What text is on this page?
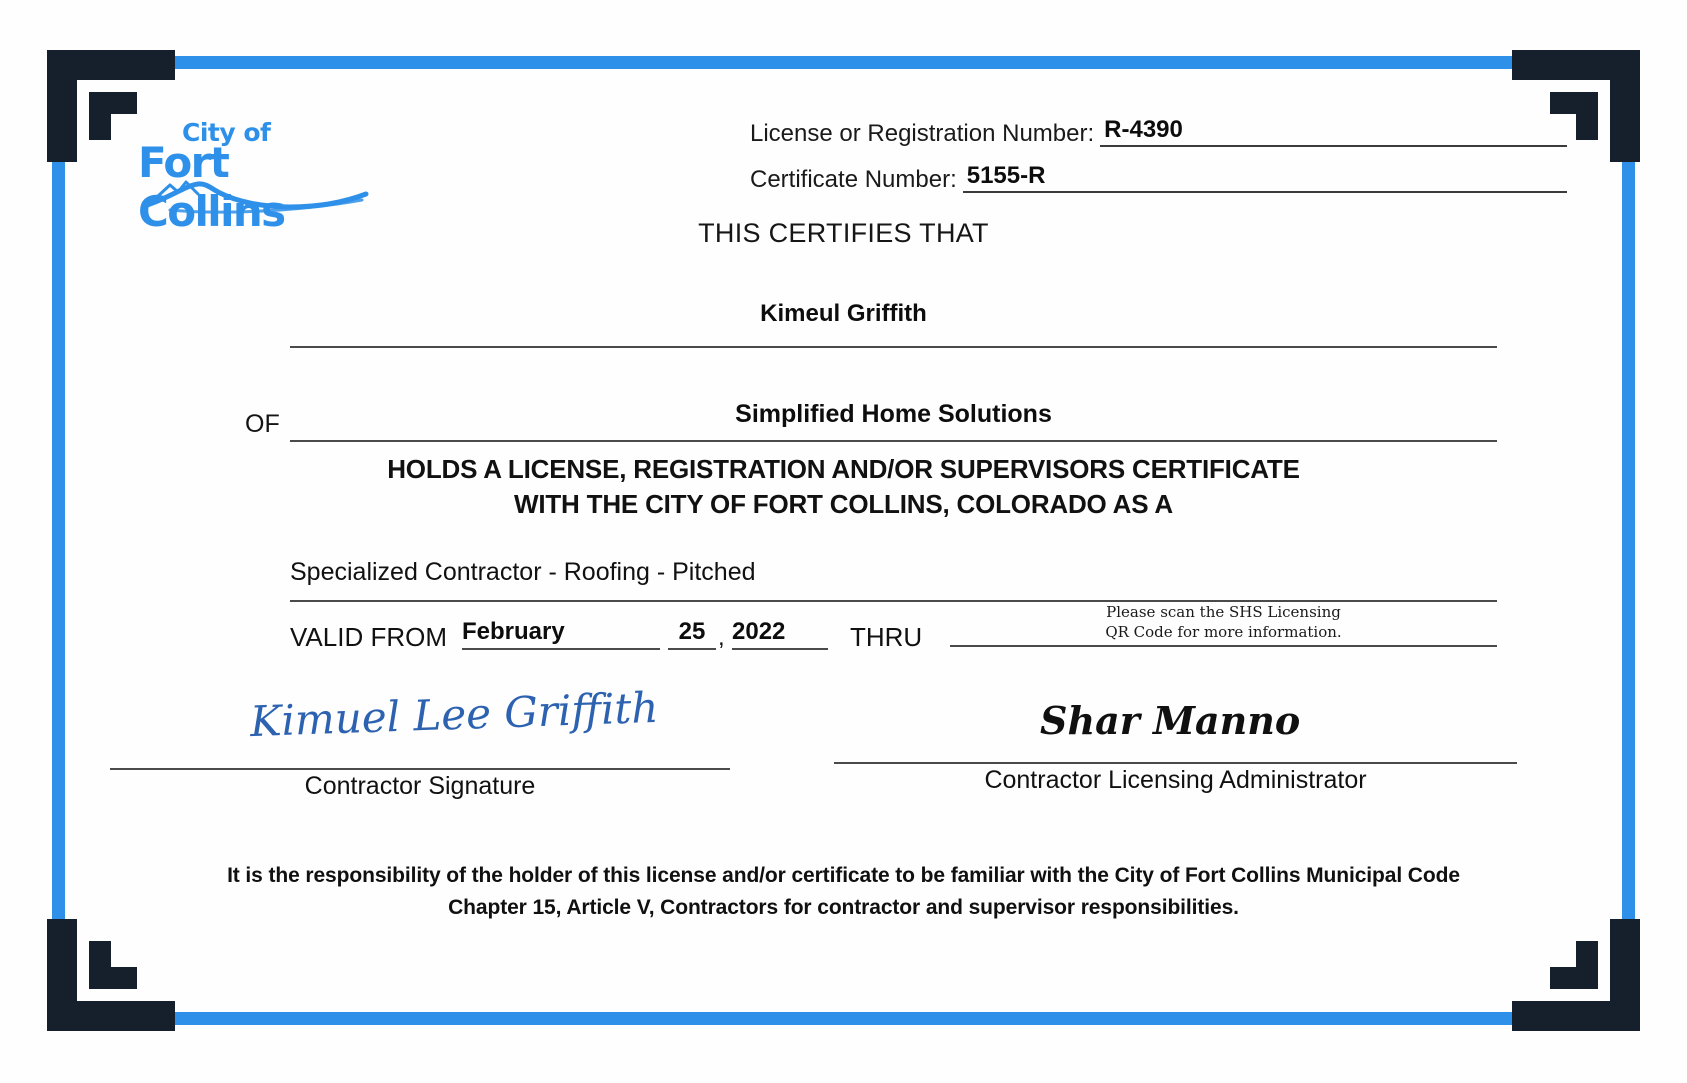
City of
Fort Collins
License or Registration Number: R-4390
Certificate Number: 5155-R
THIS CERTIFIES THAT
Kimeul Griffith
OF	Simplified Home Solutions
HOLDS A LICENSE, REGISTRATION AND/OR SUPERVISORS CERTIFICATE
WITH THE CITY OF FORT COLLINS, COLORADO AS A
Specialized Contractor - Roofing - Pitched
VALID FROM February	25 , 2022	THRU
Please scan the SHS Licensing
QR Code for more information.
Kimuel Lee Griffith
Contractor Signature
Shar Manno
Contractor Licensing Administrator
It is the responsibility of the holder of this license and/or certificate to be familiar with the City of Fort Collins Municipal Code
Chapter 15, Article V, Contractors for contractor and supervisor responsibilities.
